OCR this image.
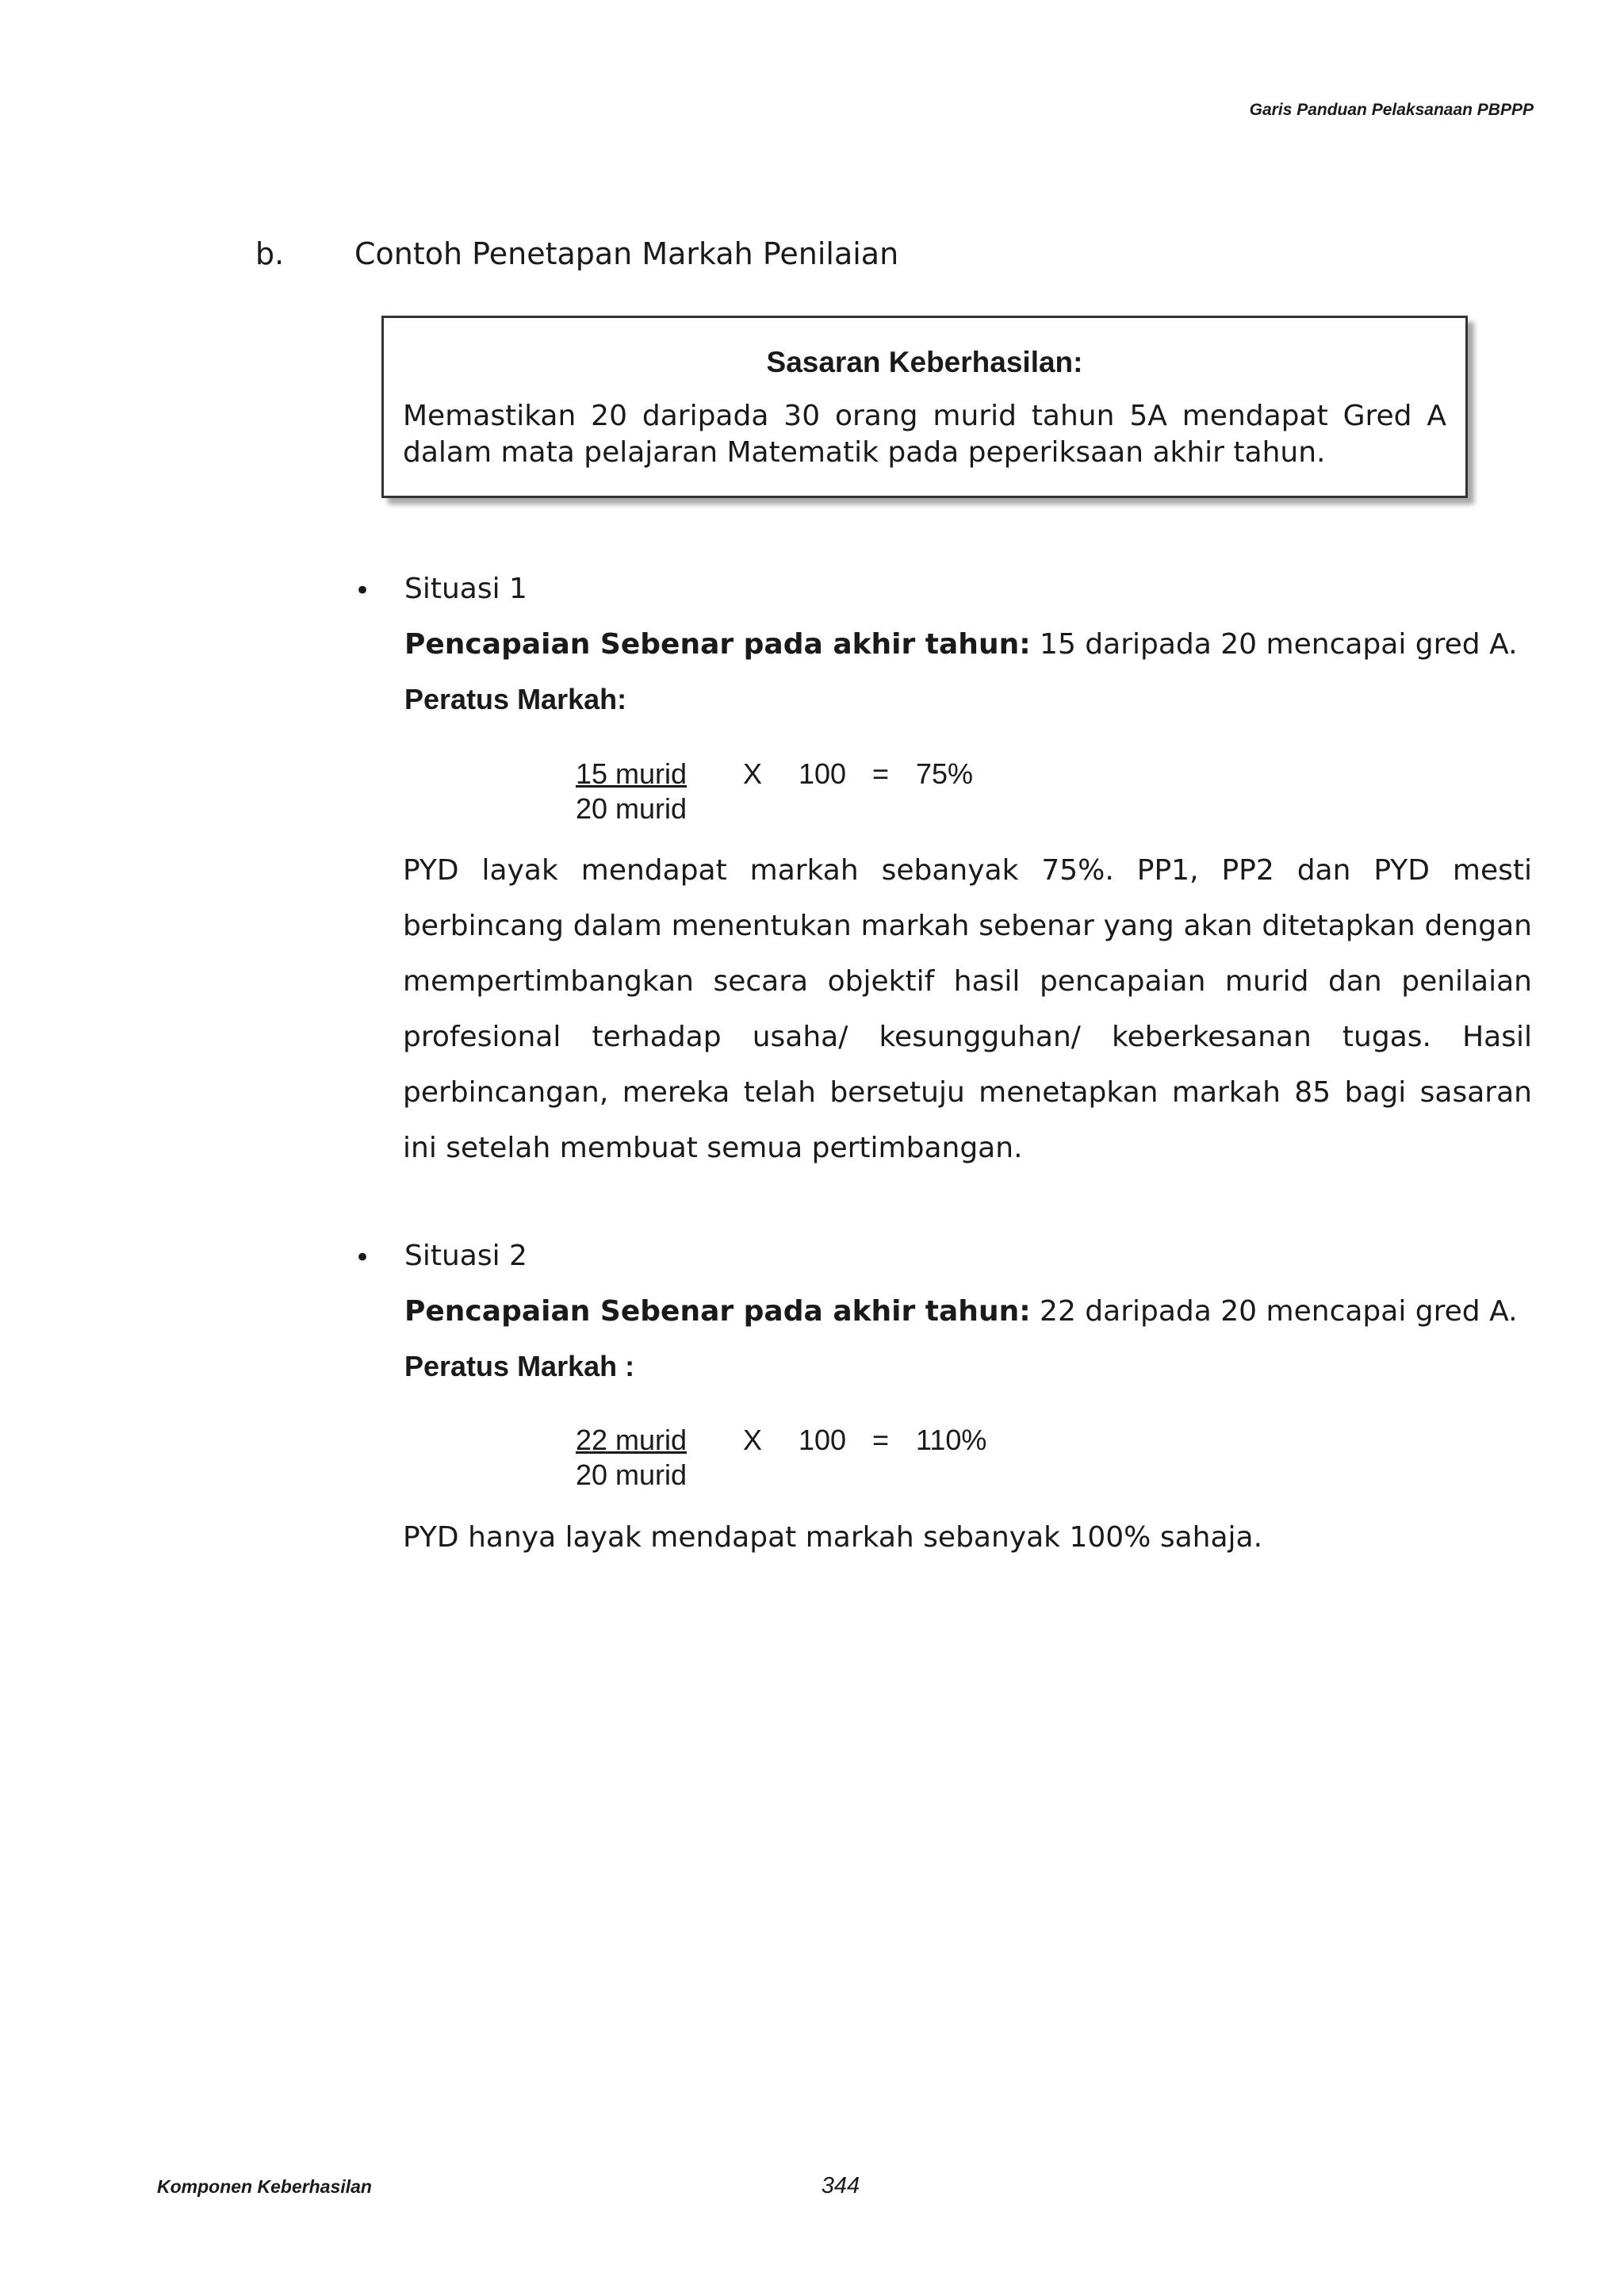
Garis Panduan Pelaksanaan PBPPP
b. Contoh Penetapan Markah Penilaian
Sasaran Keberhasilan:
Memastikan 20 daripada 30 orang murid tahun 5A mendapat Gred A dalam mata pelajaran Matematik pada peperiksaan akhir tahun.
• Situasi 1
Pencapaian Sebenar pada akhir tahun: 15 daripada 20 mencapai gred A.
Peratus Markah:
15 murid
20 murid
X 100 = 75%
PYD layak mendapat markah sebanyak 75%. PP1, PP2 dan PYD mesti berbincang dalam menentukan markah sebenar yang akan ditetapkan dengan mempertimbangkan secara objektif hasil pencapaian murid dan penilaian profesional terhadap usaha/ kesungguhan/ keberkesanan tugas. Hasil perbincangan, mereka telah bersetuju menetapkan markah 85 bagi sasaran ini setelah membuat semua pertimbangan.
• Situasi 2
Pencapaian Sebenar pada akhir tahun: 22 daripada 20 mencapai gred A.
Peratus Markah :
22 murid
20 murid
X 100 = 110%
PYD hanya layak mendapat markah sebanyak 100% sahaja.
Komponen Keberhasilan	344
